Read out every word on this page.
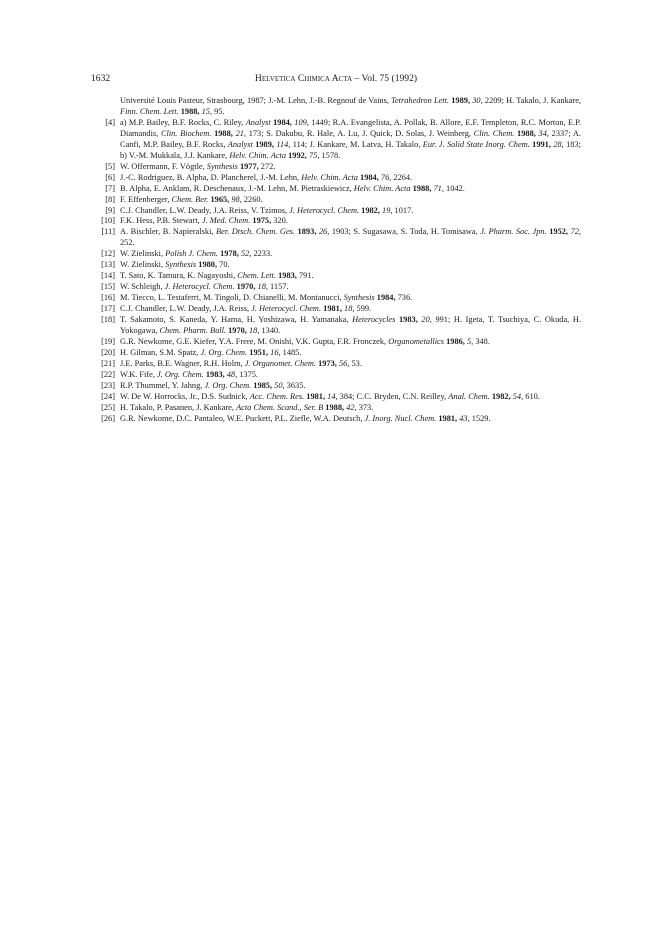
1632	Helvetica Chimica Acta – Vol. 75 (1992)
Université Louis Pasteur, Strasbourg, 1987; J.-M. Lehn, J.-B. Regnouf de Vains, Tetrahedron Lett. 1989, 30, 2209; H. Takalo, J. Kankare, Finn. Chem. Lett. 1988, 15, 95.
[4] a) M.P. Bailey, B.F. Rocks, C. Riley, Analyst 1984, 109, 1449; R.A. Evangelista, A. Pollak, B. Allore, E.F. Templeton, R.C. Morton, E.P. Diamandis, Clin. Biochem. 1988, 21, 173; S. Dakubu, R. Hale, A. Lu, J. Quick, D. Solas, J. Weinberg, Clin. Chem. 1988, 34, 2337; A. Canfi, M.P. Bailey, B.F. Rocks, Analyst 1989, 114, 114; J. Kankare, M. Latva, H. Takalo, Eur. J. Solid State Inorg. Chem. 1991, 28, 183; b) V.-M. Mukkala, J.J. Kankare, Helv. Chim. Acta 1992, 75, 1578.
[5] W. Offermann, F. Vögtle, Synthesis 1977, 272.
[6] J.-C. Rodriguez, B. Alpha, D. Plancherel, J.-M. Lehn, Helv. Chim. Acta 1984, 76, 2264.
[7] B. Alpha, E. Anklam, R. Deschenaux, J.-M. Lehn, M. Pietraskiewicz, Helv. Chim. Acta 1988, 71, 1042.
[8] F. Effenberger, Chem. Ber. 1965, 98, 2260.
[9] C.J. Chandler, L.W. Deady, J.A. Reiss, V. Tzimos, J. Heterocycl. Chem. 1982, 19, 1017.
[10] F.K. Hess, P.B. Stewart, J. Med. Chem. 1975, 320.
[11] A. Bischler, B. Napieralski, Ber. Dtsch. Chem. Ges. 1893, 26, 1903; S. Sugasawa, S. Toda, H. Tomisawa, J. Pharm. Soc. Jpn. 1952, 72, 252.
[12] W. Zielinski, Polish J. Chem. 1978, 52, 2233.
[13] W. Zielinski, Synthesis 1980, 70.
[14] T. Sato, K. Tamura, K. Nagayoshi, Chem. Lett. 1983, 791.
[15] W. Schleigh, J. Heterocycl. Chem. 1970, 18, 1157.
[16] M. Tiecco, L. Testaferri, M. Tingoli, D. Chianelli, M. Montanucci, Synthesis 1984, 736.
[17] C.J. Chandler, L.W. Deady, J.A. Reiss, J. Heterocycl. Chem. 1981, 18, 599.
[18] T. Sakamoto, S. Kaneda, Y. Hama, H. Yoshizawa, H. Yamanaka, Heterocycles 1983, 20, 991; H. Igeta, T. Tsuchiya, C. Okuda, H. Yokogawa, Chem. Pharm. Bull. 1970, 18, 1340.
[19] G.R. Newkome, G.E. Kiefer, Y.A. Frere, M. Onishi, V.K. Gupta, F.R. Fronczek, Organometallics 1986, 5, 348.
[20] H. Gilman, S.M. Spatz, J. Org. Chem. 1951, 16, 1485.
[21] J.E. Parks, B.E. Wagner, R.H. Holm, J. Organomet. Chem. 1973, 56, 53.
[22] W.K. Fife, J. Org. Chem. 1983, 48, 1375.
[23] R.P. Thummel, Y. Jahng, J. Org. Chem. 1985, 50, 3635.
[24] W. De W. Horrocks, Jr., D.S. Sudnick, Acc. Chem. Res. 1981, 14, 384; C.C. Bryden, C.N. Reilley, Anal. Chem. 1982, 54, 610.
[25] H. Takalo, P. Pasanen, J. Kankare, Acta Chem. Scand., Ser. B 1988, 42, 373.
[26] G.R. Newkome, D.C. Pantaleo, W.E. Puckett, P.L. Ziefle, W.A. Deutsch, J. Inorg. Nucl. Chem. 1981, 43, 1529.
